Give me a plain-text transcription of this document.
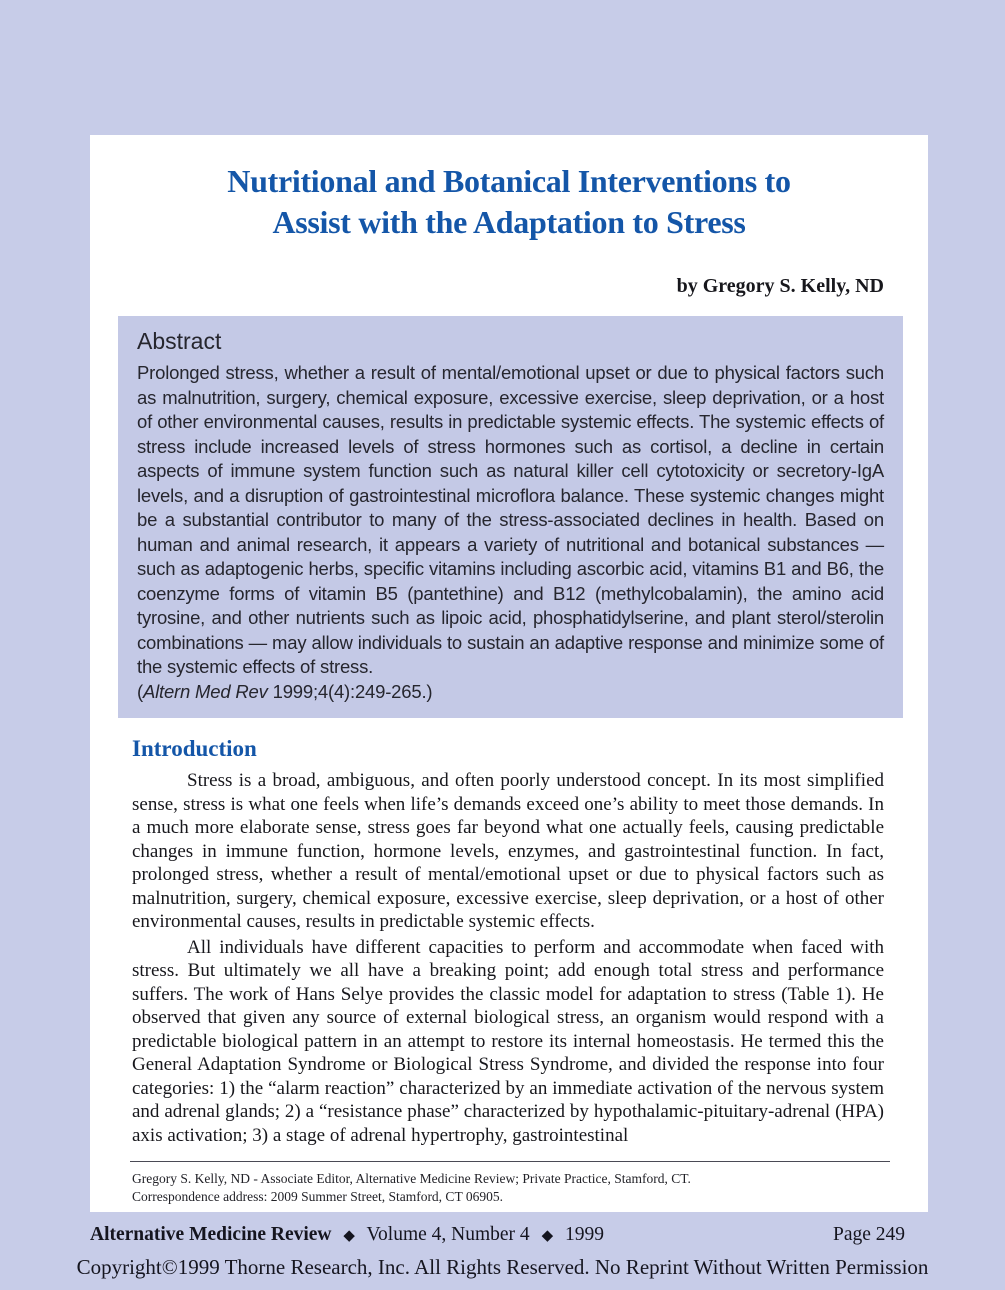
Nutritional and Botanical Interventions to
Assist with the Adaptation to Stress
by Gregory S. Kelly, ND
Abstract

Prolonged stress, whether a result of mental/emotional upset or due to physical factors such as malnutrition, surgery, chemical exposure, excessive exercise, sleep deprivation, or a host of other environmental causes, results in predictable systemic effects. The systemic effects of stress include increased levels of stress hormones such as cortisol, a decline in certain aspects of immune system function such as natural killer cell cytotoxicity or secretory-IgA levels, and a disruption of gastrointestinal microflora balance. These systemic changes might be a substantial contributor to many of the stress-associated declines in health. Based on human and animal research, it appears a variety of nutritional and botanical substances — such as adaptogenic herbs, specific vitamins including ascorbic acid, vitamins B1 and B6, the coenzyme forms of vitamin B5 (pantethine) and B12 (methylcobalamin), the amino acid tyrosine, and other nutrients such as lipoic acid, phosphatidylserine, and plant sterol/sterolin combinations — may allow individuals to sustain an adaptive response and minimize some of the systemic effects of stress.

(Altern Med Rev 1999;4(4):249-265.)

Introduction

Stress is a broad, ambiguous, and often poorly understood concept. In its most simplified sense, stress is what one feels when life’s demands exceed one’s ability to meet those demands. In a much more elaborate sense, stress goes far beyond what one actually feels, causing predictable changes in immune function, hormone levels, enzymes, and gastrointestinal function. In fact, prolonged stress, whether a result of mental/emotional upset or due to physical factors such as malnutrition, surgery, chemical exposure, excessive exercise, sleep deprivation, or a host of other environmental causes, results in predictable systemic effects.

All individuals have different capacities to perform and accommodate when faced with stress. But ultimately we all have a breaking point; add enough total stress and performance suffers. The work of Hans Selye provides the classic model for adaptation to stress (Table 1). He observed that given any source of external biological stress, an organism would respond with a predictable biological pattern in an attempt to restore its internal homeostasis. He termed this the General Adaptation Syndrome or Biological Stress Syndrome, and divided the response into four categories: 1) the “alarm reaction” characterized by an immediate activation of the nervous system and adrenal glands; 2) a “resistance phase” characterized by hypothalamic-pituitary-adrenal (HPA) axis activation; 3) a stage of adrenal hypertrophy, gastrointestinal

Gregory S. Kelly, ND - Associate Editor, Alternative Medicine Review; Private Practice, Stamford, CT.
Correspondence address: 2009 Summer Street, Stamford, CT 06905.
Alternative Medicine Review ◆ Volume 4, Number 4 ◆ 1999	Page 249
Copyright©1999 Thorne Research, Inc. All Rights Reserved. No Reprint Without Written Permission
